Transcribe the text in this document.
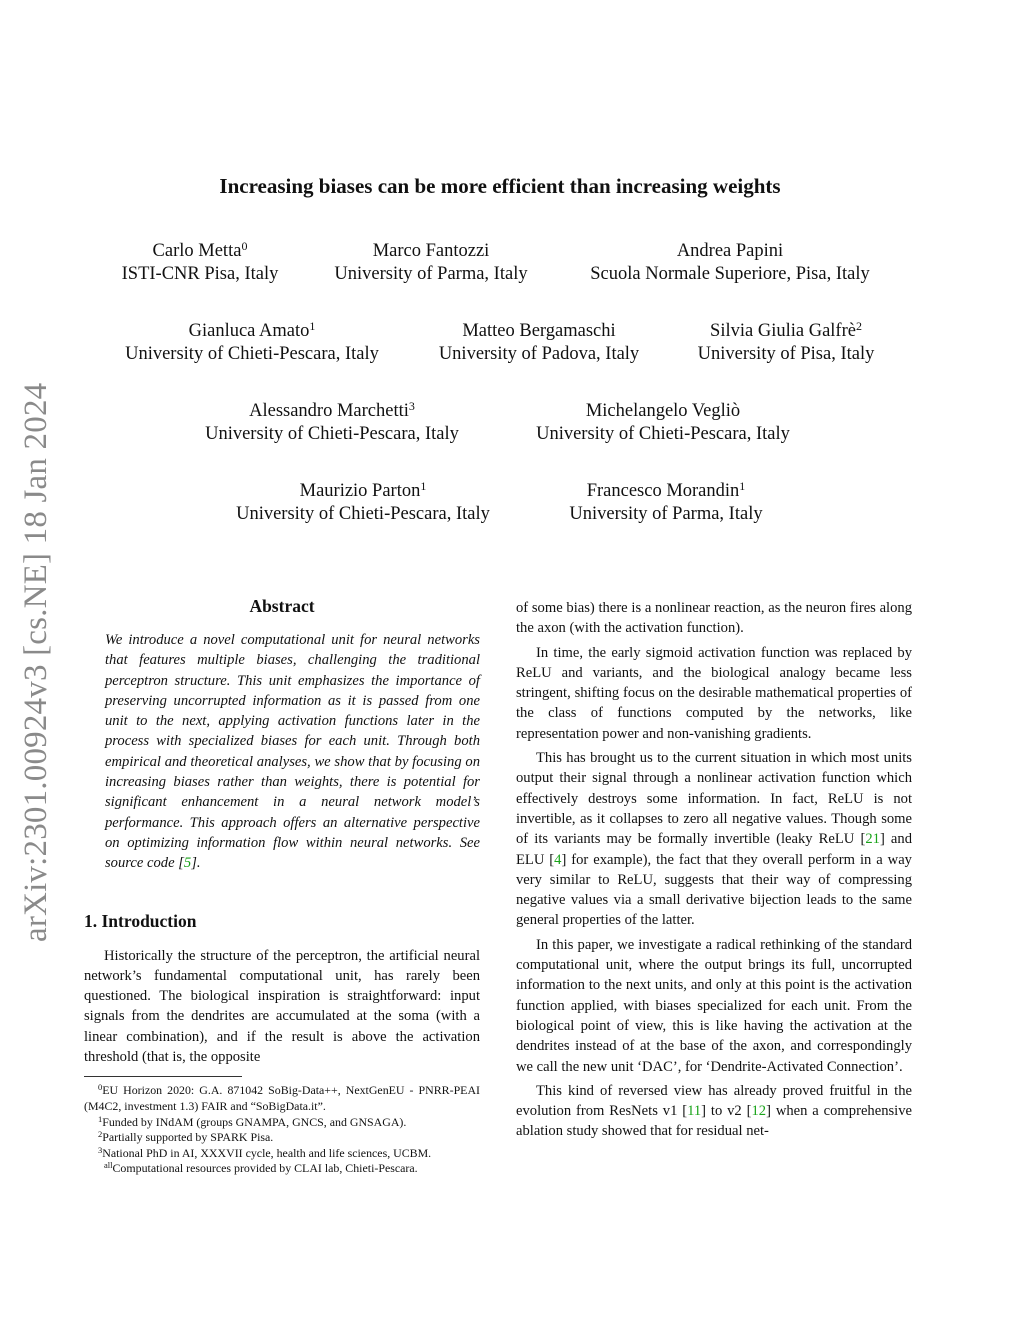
arXiv:2301.00924v3 [cs.NE] 18 Jan 2024
Increasing biases can be more efficient than increasing weights
Carlo Metta$^0$
ISTI-CNR Pisa, Italy
Marco Fantozzi
University of Parma, Italy
Andrea Papini
Scuola Normale Superiore, Pisa, Italy
Gianluca Amato$^1$
University of Chieti-Pescara, Italy
Matteo Bergamaschi
University of Padova, Italy
Silvia Giulia Galfrè$^2$
University of Pisa, Italy
Alessandro Marchetti$^3$
University of Chieti-Pescara, Italy
Michelangelo Vegliò
University of Chieti-Pescara, Italy
Maurizio Parton$^1$
University of Chieti-Pescara, Italy
Francesco Morandin$^1$
University of Parma, Italy
Abstract

We introduce a novel computational unit for neural networks that features multiple biases, challenging the traditional perceptron structure. This unit emphasizes the importance of preserving uncorrupted information as it is passed from one unit to the next, applying activation functions later in the process with specialized biases for each unit. Through both empirical and theoretical analyses, we show that by focusing on increasing biases rather than weights, there is potential for significant enhancement in a neural network model’s performance. This approach offers an alternative perspective on optimizing information flow within neural networks. See source code [5].

1. Introduction

Historically the structure of the perceptron, the artificial neural network’s fundamental computational unit, has rarely been questioned. The biological inspiration is straightforward: input signals from the dendrites are accumulated at the soma (with a linear combination), and if the result is above the activation threshold (that is, the opposite

$^0$EU Horizon 2020: G.A. 871042 SoBig-Data++, NextGenEU - PNRR-PEAI (M4C2, investment 1.3) FAIR and “SoBigData.it”.

$^1$Funded by INdAM (groups GNAMPA, GNCS, and GNSAGA).

$^2$Partially supported by SPARK Pisa.

$^3$National PhD in AI, XXXVII cycle, health and life sciences, UCBM.

$^{all}$Computational resources provided by CLAI lab, Chieti-Pescara.

of some bias) there is a nonlinear reaction, as the neuron fires along the axon (with the activation function).

In time, the early sigmoid activation function was replaced by ReLU and variants, and the biological analogy became less stringent, shifting focus on the desirable mathematical properties of the class of functions computed by the networks, like representation power and non-vanishing gradients.

This has brought us to the current situation in which most units output their signal through a nonlinear activation function which effectively destroys some information. In fact, ReLU is not invertible, as it collapses to zero all negative values. Though some of its variants may be formally invertible (leaky ReLU [21] and ELU [4] for example), the fact that they overall perform in a way very similar to ReLU, suggests that their way of compressing negative values via a small derivative bijection leads to the same general properties of the latter.

In this paper, we investigate a radical rethinking of the standard computational unit, where the output brings its full, uncorrupted information to the next units, and only at this point is the activation function applied, with biases specialized for each unit. From the biological point of view, this is like having the activation at the dendrites instead of at the base of the axon, and correspondingly we call the new unit ‘DAC’, for ‘Dendrite-Activated Connection’.

This kind of reversed view has already proved fruitful in the evolution from ResNets v1 [11] to v2 [12] when a comprehensive ablation study showed that for residual net-
